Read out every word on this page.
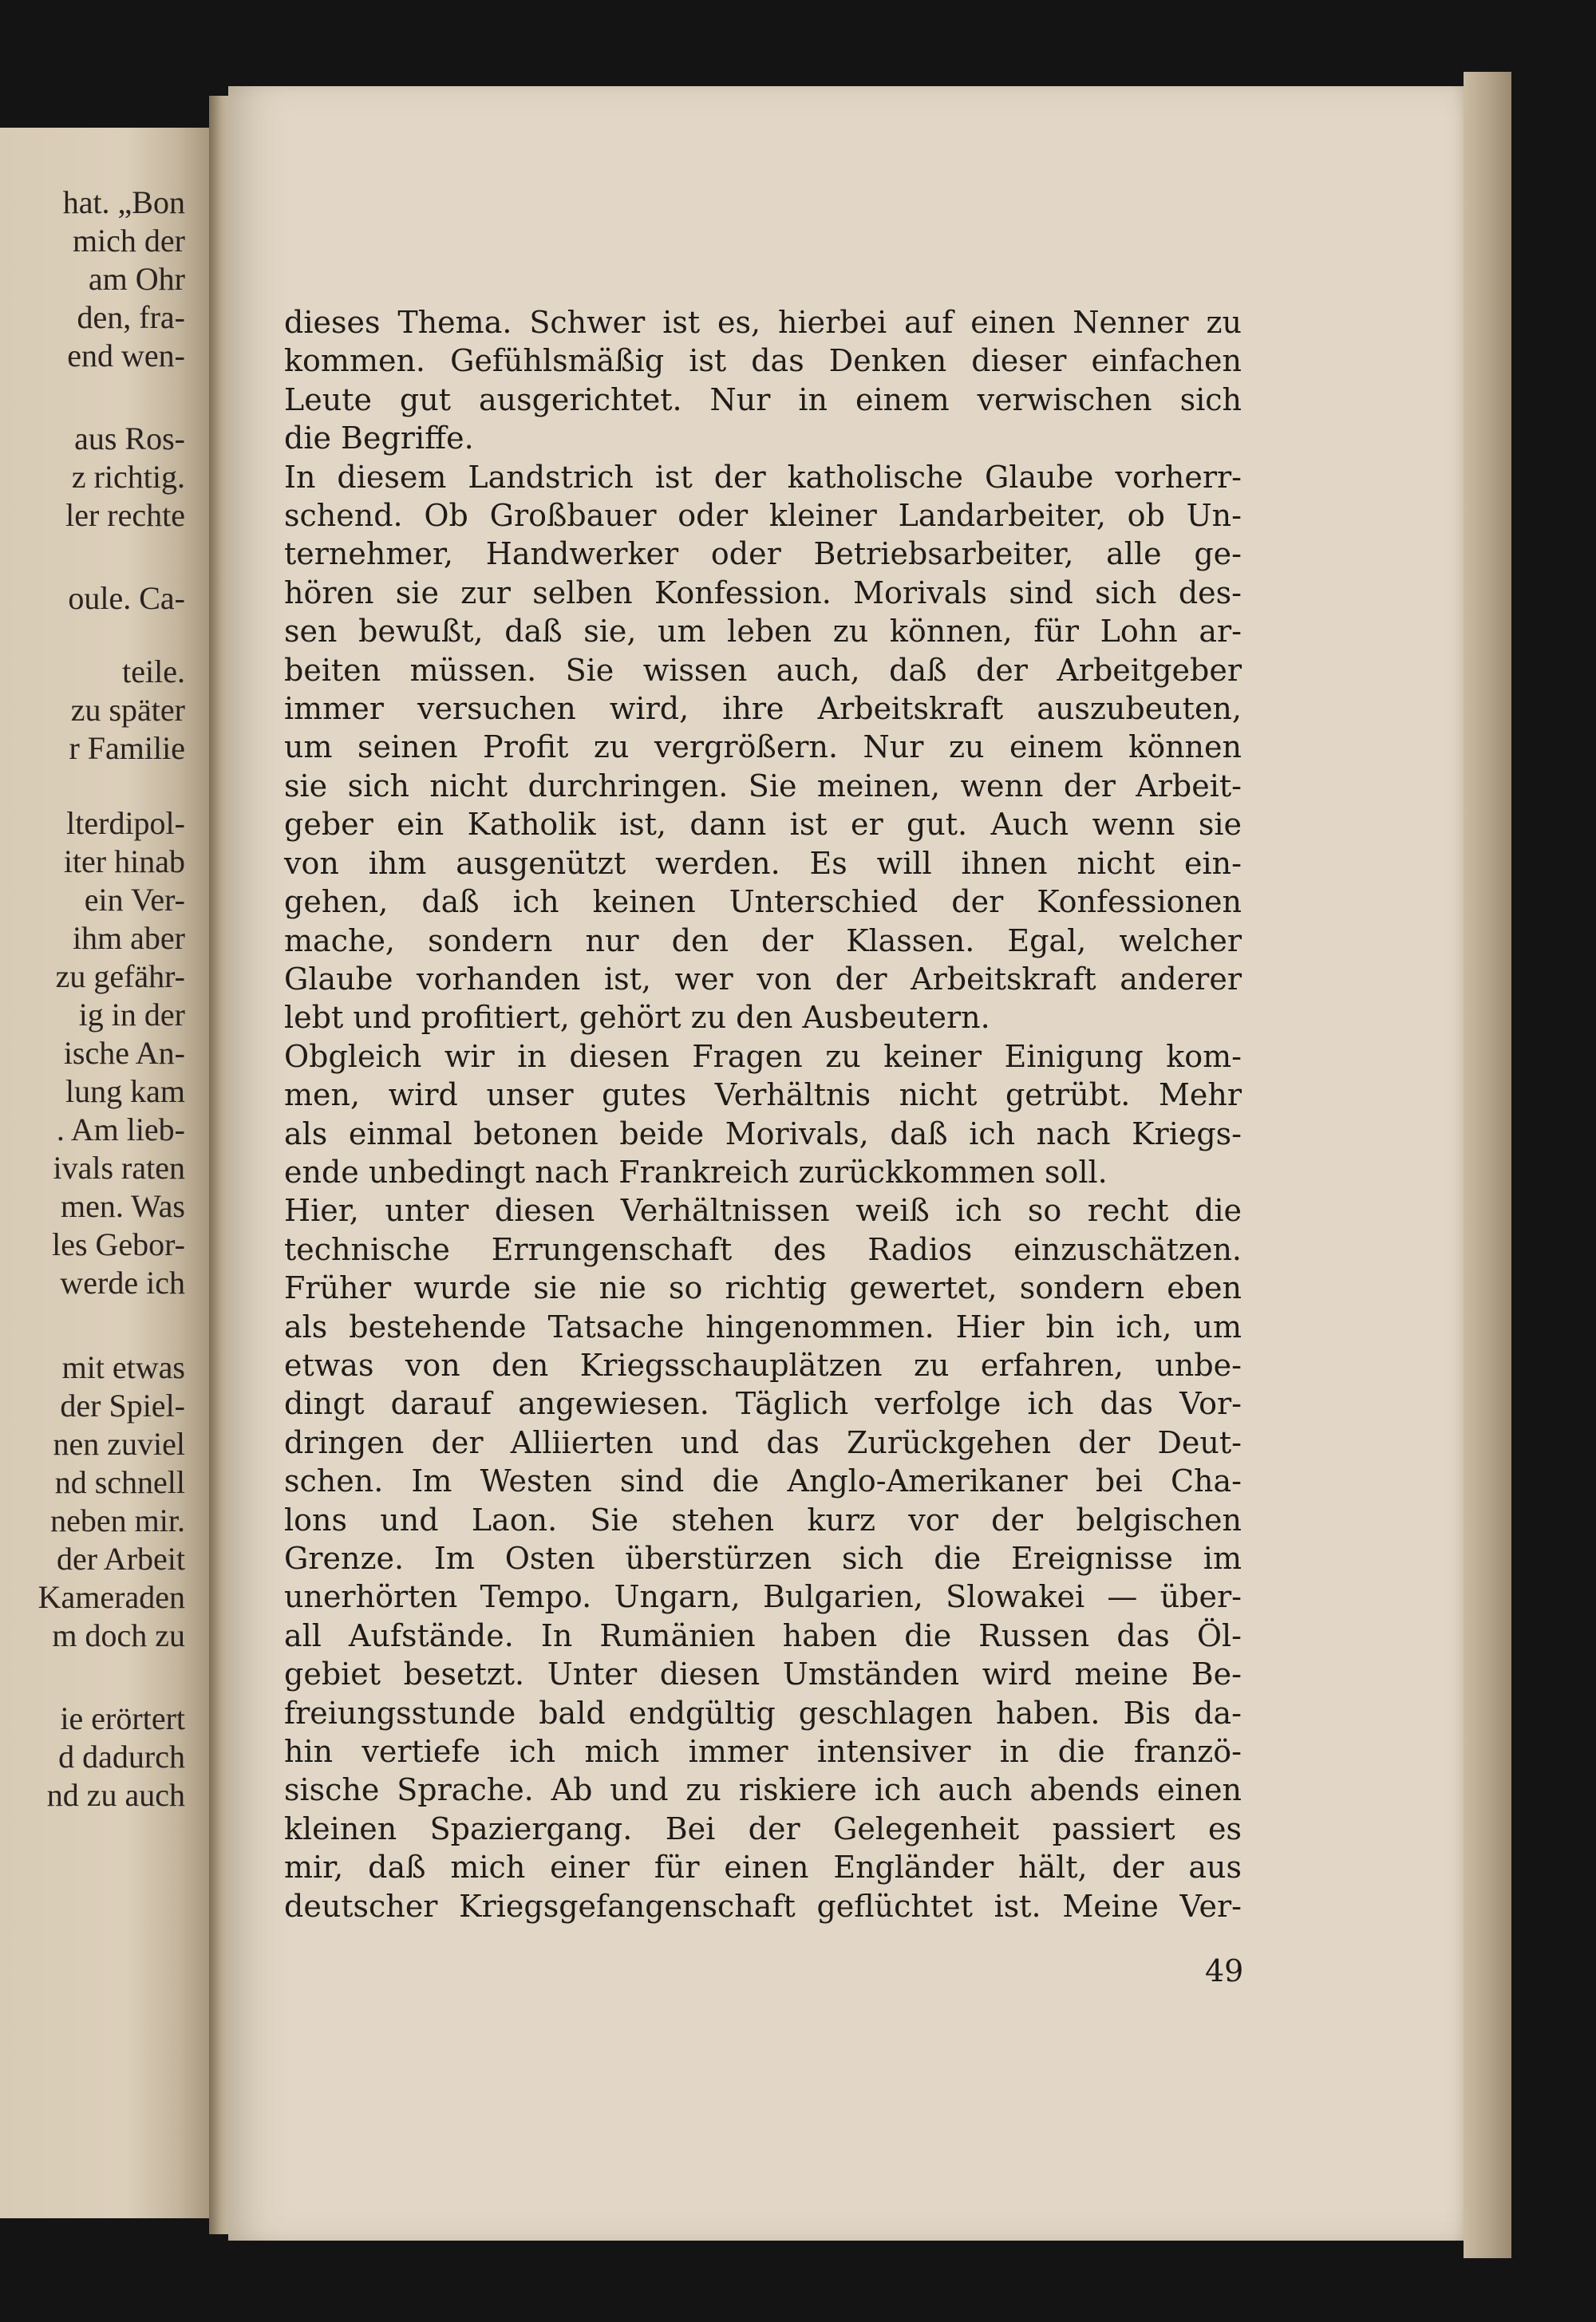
hat. „Bon
mich der
am Ohr
den, fra-
end wen-
aus Ros-
z richtig.
ler rechte
oule. Ca-
teile.
zu später
r Familie
lterdipol-
iter hinab
ein Ver-
ihm aber
zu gefähr-
ig in der
ische An-
lung kam
. Am lieb-
ivals raten
men. Was
les Gebor-
werde ich
mit etwas
der Spiel-
nen zuviel
nd schnell
neben mir.
der Arbeit
Kameraden
m doch zu
ie erörtert
d dadurch
nd zu auch
dieses Thema. Schwer ist es, hierbei auf einen Nenner zu
kommen. Gefühlsmäßig ist das Denken dieser einfachen
Leute gut ausgerichtet. Nur in einem verwischen sich
die Begriffe.
In diesem Landstrich ist der katholische Glaube vorherr-
schend. Ob Großbauer oder kleiner Landarbeiter, ob Un-
ternehmer, Handwerker oder Betriebsarbeiter, alle ge-
hören sie zur selben Konfession. Morivals sind sich des-
sen bewußt, daß sie, um leben zu können, für Lohn ar-
beiten müssen. Sie wissen auch, daß der Arbeitgeber
immer versuchen wird, ihre Arbeitskraft auszubeuten,
um seinen Profit zu vergrößern. Nur zu einem können
sie sich nicht durchringen. Sie meinen, wenn der Arbeit-
geber ein Katholik ist, dann ist er gut. Auch wenn sie
von ihm ausgenützt werden. Es will ihnen nicht ein-
gehen, daß ich keinen Unterschied der Konfessionen
mache, sondern nur den der Klassen. Egal, welcher
Glaube vorhanden ist, wer von der Arbeitskraft anderer
lebt und profitiert, gehört zu den Ausbeutern.
Obgleich wir in diesen Fragen zu keiner Einigung kom-
men, wird unser gutes Verhältnis nicht getrübt. Mehr
als einmal betonen beide Morivals, daß ich nach Kriegs-
ende unbedingt nach Frankreich zurückkommen soll.
Hier, unter diesen Verhältnissen weiß ich so recht die
technische Errungenschaft des Radios einzuschätzen.
Früher wurde sie nie so richtig gewertet, sondern eben
als bestehende Tatsache hingenommen. Hier bin ich, um
etwas von den Kriegsschauplätzen zu erfahren, unbe-
dingt darauf angewiesen. Täglich verfolge ich das Vor-
dringen der Alliierten und das Zurückgehen der Deut-
schen. Im Westen sind die Anglo-Amerikaner bei Cha-
lons und Laon. Sie stehen kurz vor der belgischen
Grenze. Im Osten überstürzen sich die Ereignisse im
unerhörten Tempo. Ungarn, Bulgarien, Slowakei — über-
all Aufstände. In Rumänien haben die Russen das Öl-
gebiet besetzt. Unter diesen Umständen wird meine Be-
freiungsstunde bald endgültig geschlagen haben. Bis da-
hin vertiefe ich mich immer intensiver in die franzö-
sische Sprache. Ab und zu riskiere ich auch abends einen
kleinen Spaziergang. Bei der Gelegenheit passiert es
mir, daß mich einer für einen Engländer hält, der aus
deutscher Kriegsgefangenschaft geflüchtet ist. Meine Ver-
49
